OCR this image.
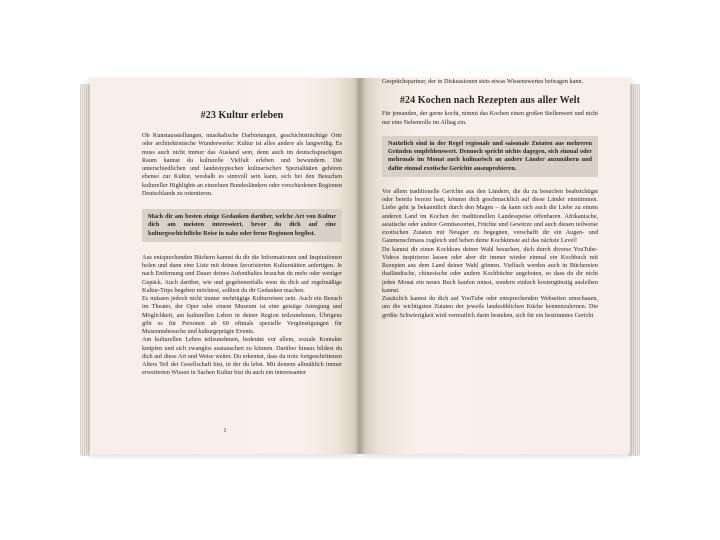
#23 Kultur erleben

Ob Kunstausstellungen, musikalische Darbietungen, geschichtsträchtige Orte oder architektonische Wunderwerke: Kultur ist alles andere als langweilig. Es muss auch nicht immer das Ausland sein, denn auch im deutschsprachigen Raum kannst du kulturelle Vielfalt erleben und bewundern. Die unterschiedlichen und landestypischen kulinarischen Spezialitäten gehören ebenso zur Kultur, weshalb es sinnvoll sein kann, sich bei den Besuchen kultureller Highlights an einzelnen Bundesländern oder verschiedenen Regionen Deutschlands zu orientieren.

Mach dir am besten einige Gedanken darüber, welche Art von Kultur dich am meisten interessiert, bevor du dich auf eine kulturgeschichtliche Reise in nahe oder ferne Regionen begibst.

Aus entsprechenden Büchern kannst du dir die Informationen und Inspirationen holen und dann eine Liste mit deinen favorisierten Kulturstätten anfertigen. Je nach Entfernung und Dauer deines Aufenthaltes brauchst du mehr oder weniger Gepäck. Auch darüber, wie und gegebenenfalls wem du dich auf regelmäßige Kultur-Trips begeben möchtest, solltest du dir Gedanken machen.

Es müssen jedoch nicht immer mehrtägige Kulturreisen sein. Auch ein Besuch im Theater, der Oper oder einem Museum ist eine geistige Anregung und Möglichkeit, am kulturellen Leben in deiner Region teilzunehmen. Übrigens gibt es für Personen ab 60 oftmals spezielle Vergünstigungen für Museumsbesuche und kulturgeprägte Events.

Am kulturellen Leben teilzunehmen, bedeutet vor allem, soziale Kontakte knüpfen und sich zwanglos austauschen zu können. Darüber hinaus bildest du dich auf diese Art und Weise weiter. Du erkennst, dass du trotz fortgeschrittenen Alters Teil der Gesellschaft bist, in der du lebst. Mit deinem allmählich immer erweiterten Wissen in Sachen Kultur bist du auch ein interessanter

1

Gesprächspartner, der in Diskussionen stets etwas Wissenswertes beitragen kann.

#24 Kochen nach Rezepten aus aller Welt

Für jemanden, der gerne kocht, nimmt das Kochen einen großen Stellenwert und nicht nur eine Nebenrolle im Alltag ein.

Natürlich sind in der Regel regionale und saisonale Zutaten aus mehreren Gründen empfehlenswert. Dennoch spricht nichts dagegen, sich einmal oder mehrmals im Monat auch kulinarisch an andere Länder anzunähern und dafür einmal exotische Gerichte auszuprobieren.

Vor allem traditionelle Gerichte aus den Ländern, die du zu besuchen beabsichtigst oder bereits bereist hast, können dich geschmacklich auf diese Länder einstimmen. Liebe geht ja bekanntlich durch den Magen – da kann sich auch die Liebe zu einem anderen Land im Kochen der traditionellen Landesspeise offenbaren. Afrikanische, asiatische oder andere Gemüsesorten, Früchte und Gewürze und auch diesen teilweise exotischen Zutaten mit Neugier zu begegnen, verschafft dir ein Augen- und Gaumenschmaus zugleich und heben deine Kochkünste auf das nächste Level!

Du kannst dir einen Kochkurs deiner Wahl besuchen, dich durch diverse YouTube-Videos inspirieren lassen oder aber dir immer wieder einmal ein Kochbuch mit Rezepten aus dem Land deiner Wahl gönnen. Vielfach werden auch in Büchereien thailändische, chinesische oder andere Kochbücher angeboten, so dass du dir nicht jeden Monat ein neues Buch kaufen musst, sondern einfach kostengünstig ausleihen kannst.

Zusätzlich kannst du dich auf YouTube oder entsprechenden Webseiten umschauen, um die wichtigsten Zutaten der jeweils landesüblichen Küche kennenzulernen. Die größte Schwierigkeit wird vermutlich darin bestehen, sich für ein bestimmtes Gericht
